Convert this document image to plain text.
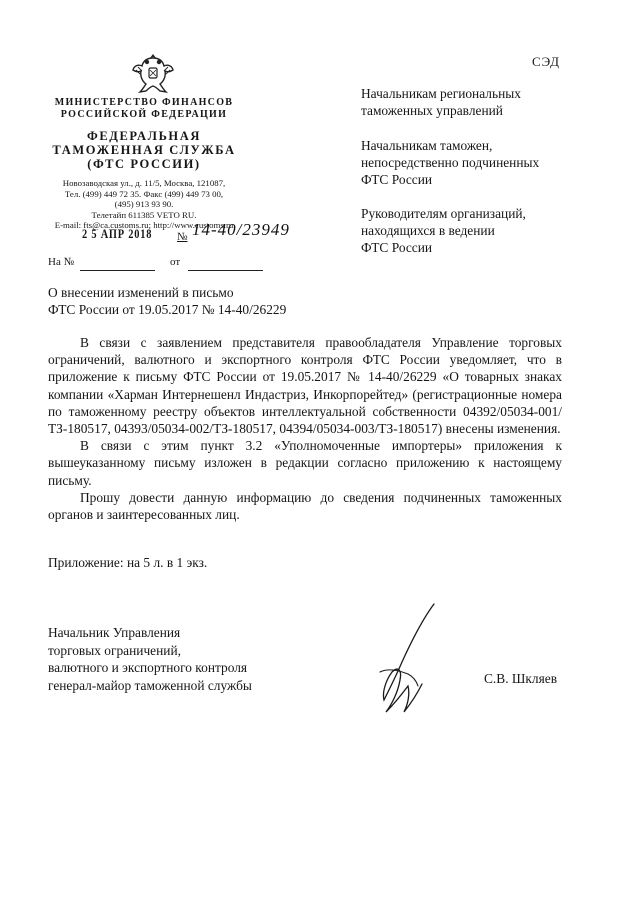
СЭД
МИНИСТЕРСТВО ФИНАНСОВ
РОССИЙСКОЙ ФЕДЕРАЦИИ
ФЕДЕРАЛЬНАЯ
ТАМОЖЕННАЯ СЛУЖБА
(ФТС РОССИИ)
Новозаводская ул., д. 11/5, Москва, 121087,
Тел. (499) 449 72 35. Факс (499) 449 73 00,
(495) 913 93 90.
Телетайп 611385 VETO RU.
E-mail: fts@ca.customs.ru; http://www.customs.ru
2 5 АПР 2018 № 14-40/23949
На №	от
Начальникам региональных
таможенных управлений
Начальникам таможен,
непосредственно подчиненных
ФТС России
Руководителям организаций,
находящихся в ведении
ФТС России
О внесении изменений в письмо
ФТС России от 19.05.2017 № 14-40/26229

В связи с заявлением представителя правообладателя Управление торговых ограничений, валютного и экспортного контроля ФТС России уведомляет, что в приложение к письму ФТС России от 19.05.2017 № 14-40/26229 «О товарных знаках компании «Харман Интернешенл Индастриз, Инкорпорейтед» (регистрационные номера по таможенному реестру объектов интеллектуальной собственности 04392/05034-001/ТЗ-180517, 04393/05034-002/ТЗ-180517, 04394/05034-003/ТЗ-180517) внесены изменения.

В связи с этим пункт 3.2 «Уполномоченные импортеры» приложения к вышеуказанному письму изложен в редакции согласно приложению к настоящему письму.

Прошу довести данную информацию до сведения подчиненных таможенных органов и заинтересованных лиц.

Приложение: на 5 л. в 1 экз.
Начальник Управления
торговых ограничений,
валютного и экспортного контроля
генерал-майор таможенной службы	С.В. Шкляев
